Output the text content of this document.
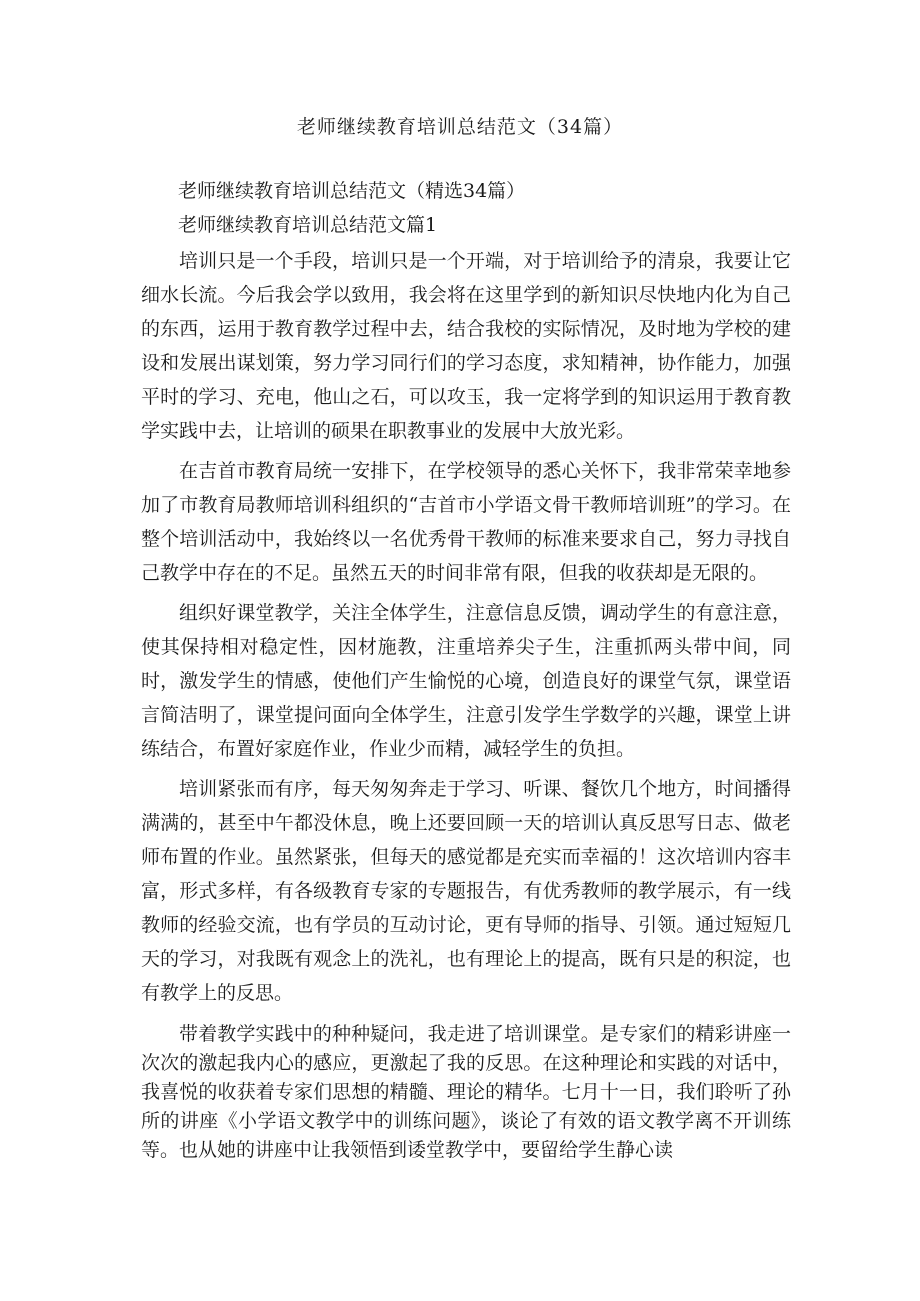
老师继续教育培训总结范文（34篇）

老师继续教育培训总结范文（精选34篇）

老师继续教育培训总结范文篇1

培训只是一个手段，培训只是一个开端，对于培训给予的清泉，我要让它细水长流。今后我会学以致用，我会将在这里学到的新知识尽快地内化为自己的东西，运用于教育教学过程中去，结合我校的实际情况，及时地为学校的建设和发展出谋划策，努力学习同行们的学习态度，求知精神，协作能力，加强平时的学习、充电，他山之石，可以攻玉，我一定将学到的知识运用于教育教学实践中去，让培训的硕果在职教事业的发展中大放光彩。

在吉首市教育局统一安排下，在学校领导的悉心关怀下，我非常荣幸地参加了市教育局教师培训科组织的“吉首市小学语文骨干教师培训班”的学习。在整个培训活动中，我始终以一名优秀骨干教师的标准来要求自己，努力寻找自己教学中存在的不足。虽然五天的时间非常有限，但我的收获却是无限的。

组织好课堂教学，关注全体学生，注意信息反馈，调动学生的有意注意，使其保持相对稳定性，因材施教，注重培养尖子生，注重抓两头带中间，同时，激发学生的情感，使他们产生愉悦的心境，创造良好的课堂气氛，课堂语言简洁明了，课堂提问面向全体学生，注意引发学生学数学的兴趣，课堂上讲练结合，布置好家庭作业，作业少而精，减轻学生的负担。

培训紧张而有序，每天匆匆奔走于学习、听课、餐饮几个地方，时间播得满满的，甚至中午都没休息，晚上还要回顾一天的培训认真反思写日志、做老师布置的作业。虽然紧张，但每天的感觉都是充实而幸福的！这次培训内容丰富，形式多样，有各级教育专家的专题报告，有优秀教师的教学展示，有一线教师的经验交流，也有学员的互动讨论，更有导师的指导、引领。通过短短几天的学习，对我既有观念上的洗礼，也有理论上的提高，既有只是的积淀，也有教学上的反思。

带着教学实践中的种种疑问，我走进了培训课堂。是专家们的精彩讲座一次次的激起我内心的感应，更激起了我的反思。在这种理论和实践的对话中，我喜悦的收获着专家们思想的精髓、理论的精华。七月十一日，我们聆听了孙所的讲座《小学语文教学中的训练问题》，谈论了有效的语文教学离不开训练等。也从她的讲座中让我领悟到诿堂教学中，要留给学生静心读
